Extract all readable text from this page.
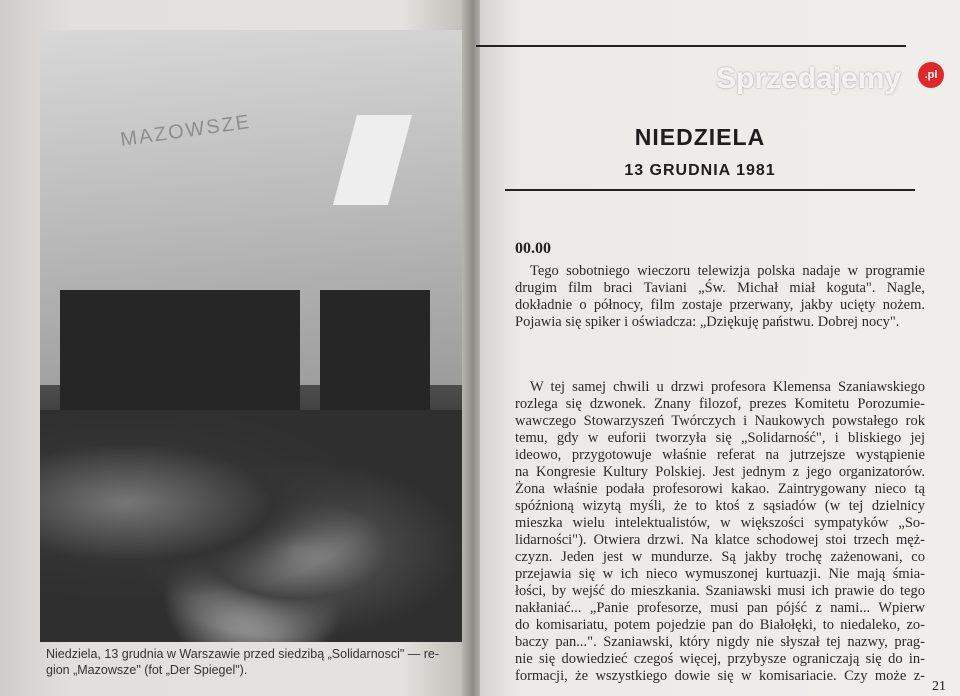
MAZOWSZE
Niedziela, 13 grudnia w Warszawie przed siedzibą „Solidarnosci" — re-
gion „Mazowsze" (fot „Der Spiegel").
Sprzedajemy	.pl
NIEDZIELA
13 GRUDNIA 1981
00.00
Tego sobotniego wieczoru telewizja polska nadaje w programie
drugim film braci Taviani „Św. Michał miał koguta". Nagle,
dokładnie o północy, film zostaje przerwany, jakby ucięty nożem.
Pojawia się spiker i oświadcza: „Dziękuję państwu. Dobrej nocy".
W tej samej chwili u drzwi profesora Klemensa Szaniawskiego
rozlega się dzwonek. Znany filozof, prezes Komitetu Porozumie-
wawczego Stowarzyszeń Twórczych i Naukowych powstałego rok
temu, gdy w euforii tworzyła się „Solidarność", i bliskiego jej
ideowo, przygotowuje właśnie referat na jutrzejsze wystąpienie
na Kongresie Kultury Polskiej. Jest jednym z jego organizatorów.
Żona właśnie podała profesorowi kakao. Zaintrygowany nieco tą
spóźnioną wizytą myśli, że to ktoś z sąsiadów (w tej dzielnicy
mieszka wielu intelektualistów, w większości sympatyków „So-
lidarności"). Otwiera drzwi. Na klatce schodowej stoi trzech męż-
czyzn. Jeden jest w mundurze. Są jakby trochę zażenowani, co
przejawia się w ich nieco wymuszonej kurtuazji. Nie mają śmia-
łości, by wejść do mieszkania. Szaniawski musi ich prawie do tego
nakłaniać... „Panie profesorze, musi pan pójść z nami... Wpierw
do komisariatu, potem pojedzie pan do Białołęki, to niedaleko, zo-
baczy pan...". Szaniawski, który nigdy nie słyszał tej nazwy, prag-
nie się dowiedzieć czegoś więcej, przybysze ograniczają się do in-
formacji, że wszystkiego dowie się w komisariacie. Czy może z-
21
